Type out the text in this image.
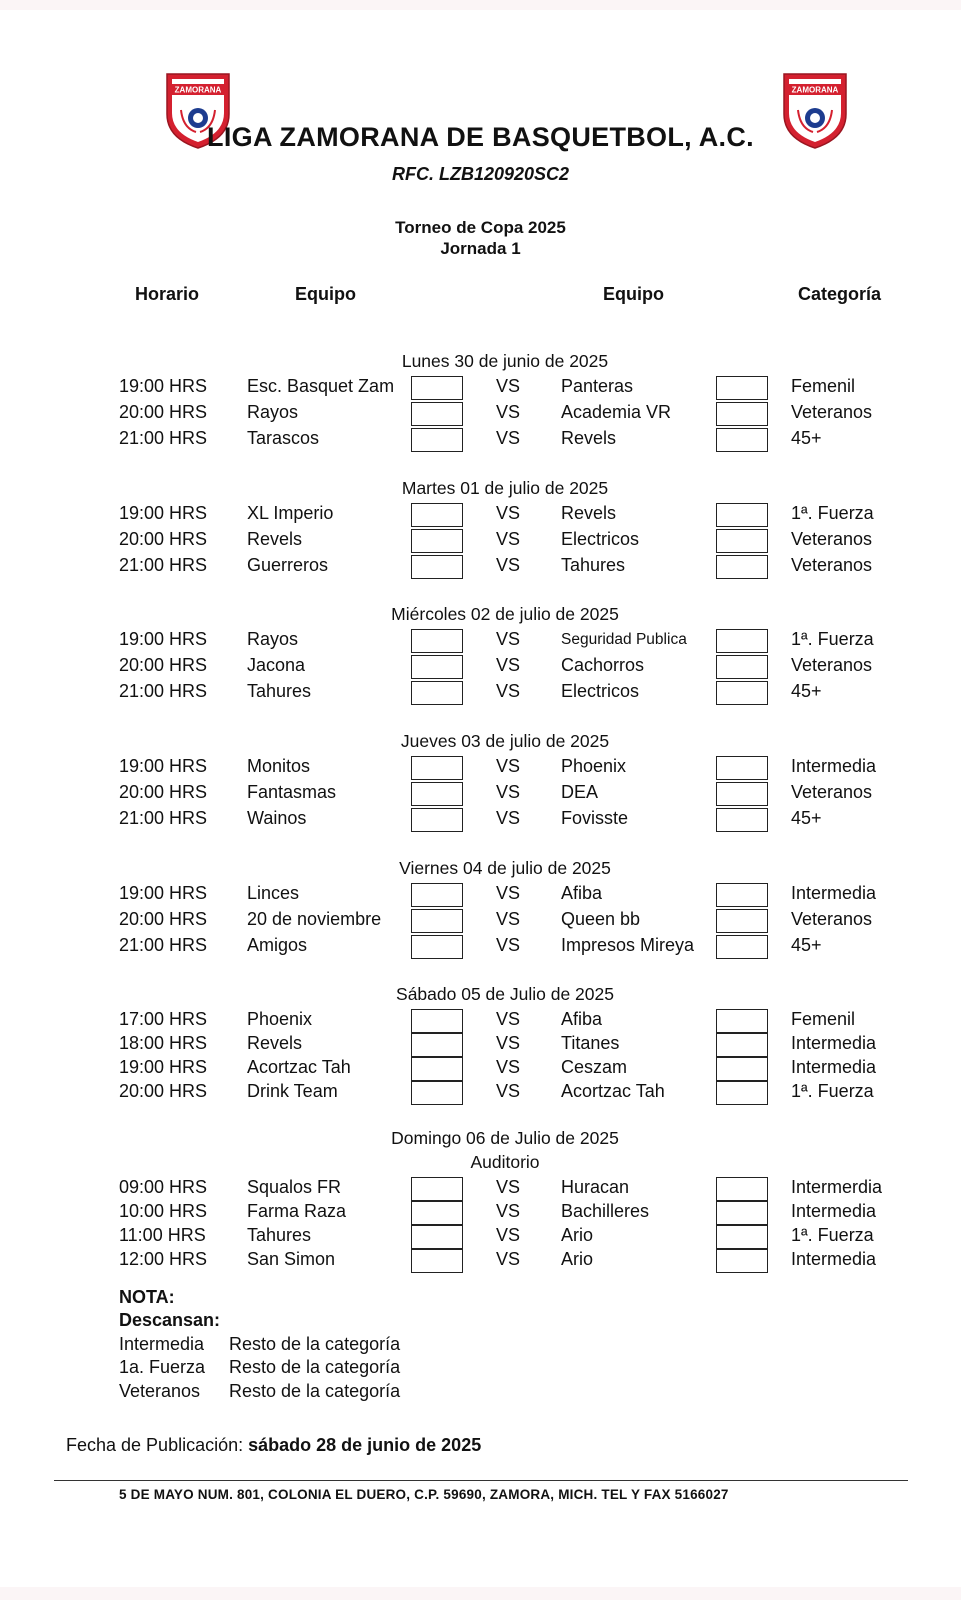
ZAMORANA	ZAMORANA
LIGA ZAMORANA DE BASQUETBOL, A.C.
RFC. LZB120920SC2
Torneo de Copa 2025
Jornada 1
Horario	Equipo	Equipo	Categoría
Lunes 30 de junio de 2025
19:00 HRS Esc. Basquet Zam	VS Panteras	Femenil
20:00 HRS Rayos	VS Academia VR	Veteranos
21:00 HRS Tarascos	VS Revels	45+
Martes 01 de julio de 2025
19:00 HRS XL Imperio	VS Revels	1ª. Fuerza
20:00 HRS Revels	VS Electricos	Veteranos
21:00 HRS Guerreros	VS Tahures	Veteranos
Miércoles 02 de julio de 2025
19:00 HRS Rayos	VS	Seguridad Publica	1ª. Fuerza
20:00 HRS Jacona	VS Cachorros	Veteranos
21:00 HRS Tahures	VS Electricos	45+
Jueves 03 de julio de 2025
19:00 HRS Monitos	VS Phoenix	Intermedia
20:00 HRS Fantasmas	VS DEA	Veteranos
21:00 HRS Wainos	VS Fovisste	45+
Viernes 04 de julio de 2025
19:00 HRS Linces	VS Afiba	Intermedia
20:00 HRS 20 de noviembre	VS Queen bb	Veteranos
21:00 HRS Amigos	VS Impresos Mireya	45+
Sábado 05 de Julio de 2025
17:00 HRS Phoenix	VS Afiba	Femenil
18:00 HRS Revels	VS Titanes	Intermedia
19:00 HRS Acortzac Tah	VS Ceszam	Intermedia
20:00 HRS Drink Team	VS Acortzac Tah	1ª. Fuerza
Domingo 06 de Julio de 2025
Auditorio
09:00 HRS Squalos FR	VS Huracan	Intermerdia
10:00 HRS Farma Raza	VS Bachilleres	Intermedia
11:00 HRS Tahures	VS Ario	1ª. Fuerza
12:00 HRS San Simon	VS Ario	Intermedia
NOTA:
Descansan:
Intermedia Resto de la categoría
1a. Fuerza Resto de la categoría
Veteranos Resto de la categoría
Fecha de Publicación: sábado 28 de junio de 2025
5 DE MAYO NUM. 801, COLONIA EL DUERO, C.P. 59690, ZAMORA, MICH. TEL Y FAX 5166027
